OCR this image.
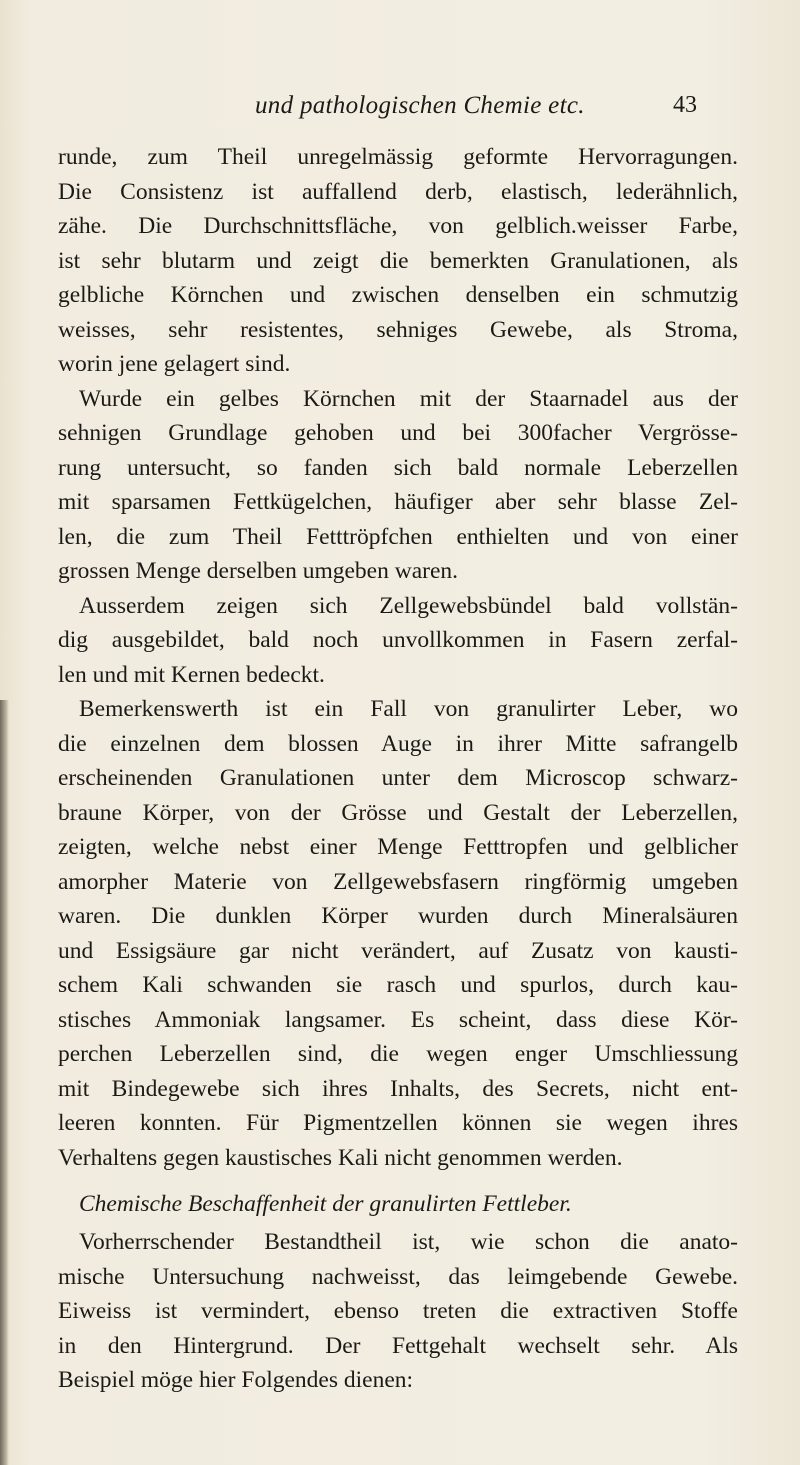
und pathologischen Chemie etc.	43
runde, zum Theil unregelmässig geformte Hervorragungen.
Die Consistenz ist auffallend derb, elastisch, lederähnlich,
zähe. Die Durchschnittsfläche, von gelblich.weisser Farbe,
ist sehr blutarm und zeigt die bemerkten Granulationen, als
gelbliche Körnchen und zwischen denselben ein schmutzig
weisses, sehr resistentes, sehniges Gewebe, als Stroma,
worin jene gelagert sind.
Wurde ein gelbes Körnchen mit der Staarnadel aus der
sehnigen Grundlage gehoben und bei 300facher Vergrösse-
rung untersucht, so fanden sich bald normale Leberzellen
mit sparsamen Fettkügelchen, häufiger aber sehr blasse Zel-
len, die zum Theil Fetttröpfchen enthielten und von einer
grossen Menge derselben umgeben waren.
Ausserdem zeigen sich Zellgewebsbündel bald vollstän-
dig ausgebildet, bald noch unvollkommen in Fasern zerfal-
len und mit Kernen bedeckt.
Bemerkenswerth ist ein Fall von granulirter Leber, wo
die einzelnen dem blossen Auge in ihrer Mitte safrangelb
erscheinenden Granulationen unter dem Microscop schwarz-
braune Körper, von der Grösse und Gestalt der Leberzellen,
zeigten, welche nebst einer Menge Fetttropfen und gelblicher
amorpher Materie von Zellgewebsfasern ringförmig umgeben
waren. Die dunklen Körper wurden durch Mineralsäuren
und Essigsäure gar nicht verändert, auf Zusatz von kausti-
schem Kali schwanden sie rasch und spurlos, durch kau-
stisches Ammoniak langsamer. Es scheint, dass diese Kör-
perchen Leberzellen sind, die wegen enger Umschliessung
mit Bindegewebe sich ihres Inhalts, des Secrets, nicht ent-
leeren konnten. Für Pigmentzellen können sie wegen ihres
Verhaltens gegen kaustisches Kali nicht genommen werden.
Chemische Beschaffenheit der granulirten Fettleber.
Vorherrschender Bestandtheil ist, wie schon die anato-
mische Untersuchung nachweisst, das leimgebende Gewebe.
Eiweiss ist vermindert, ebenso treten die extractiven Stoffe
in den Hintergrund. Der Fettgehalt wechselt sehr. Als
Beispiel möge hier Folgendes dienen:
